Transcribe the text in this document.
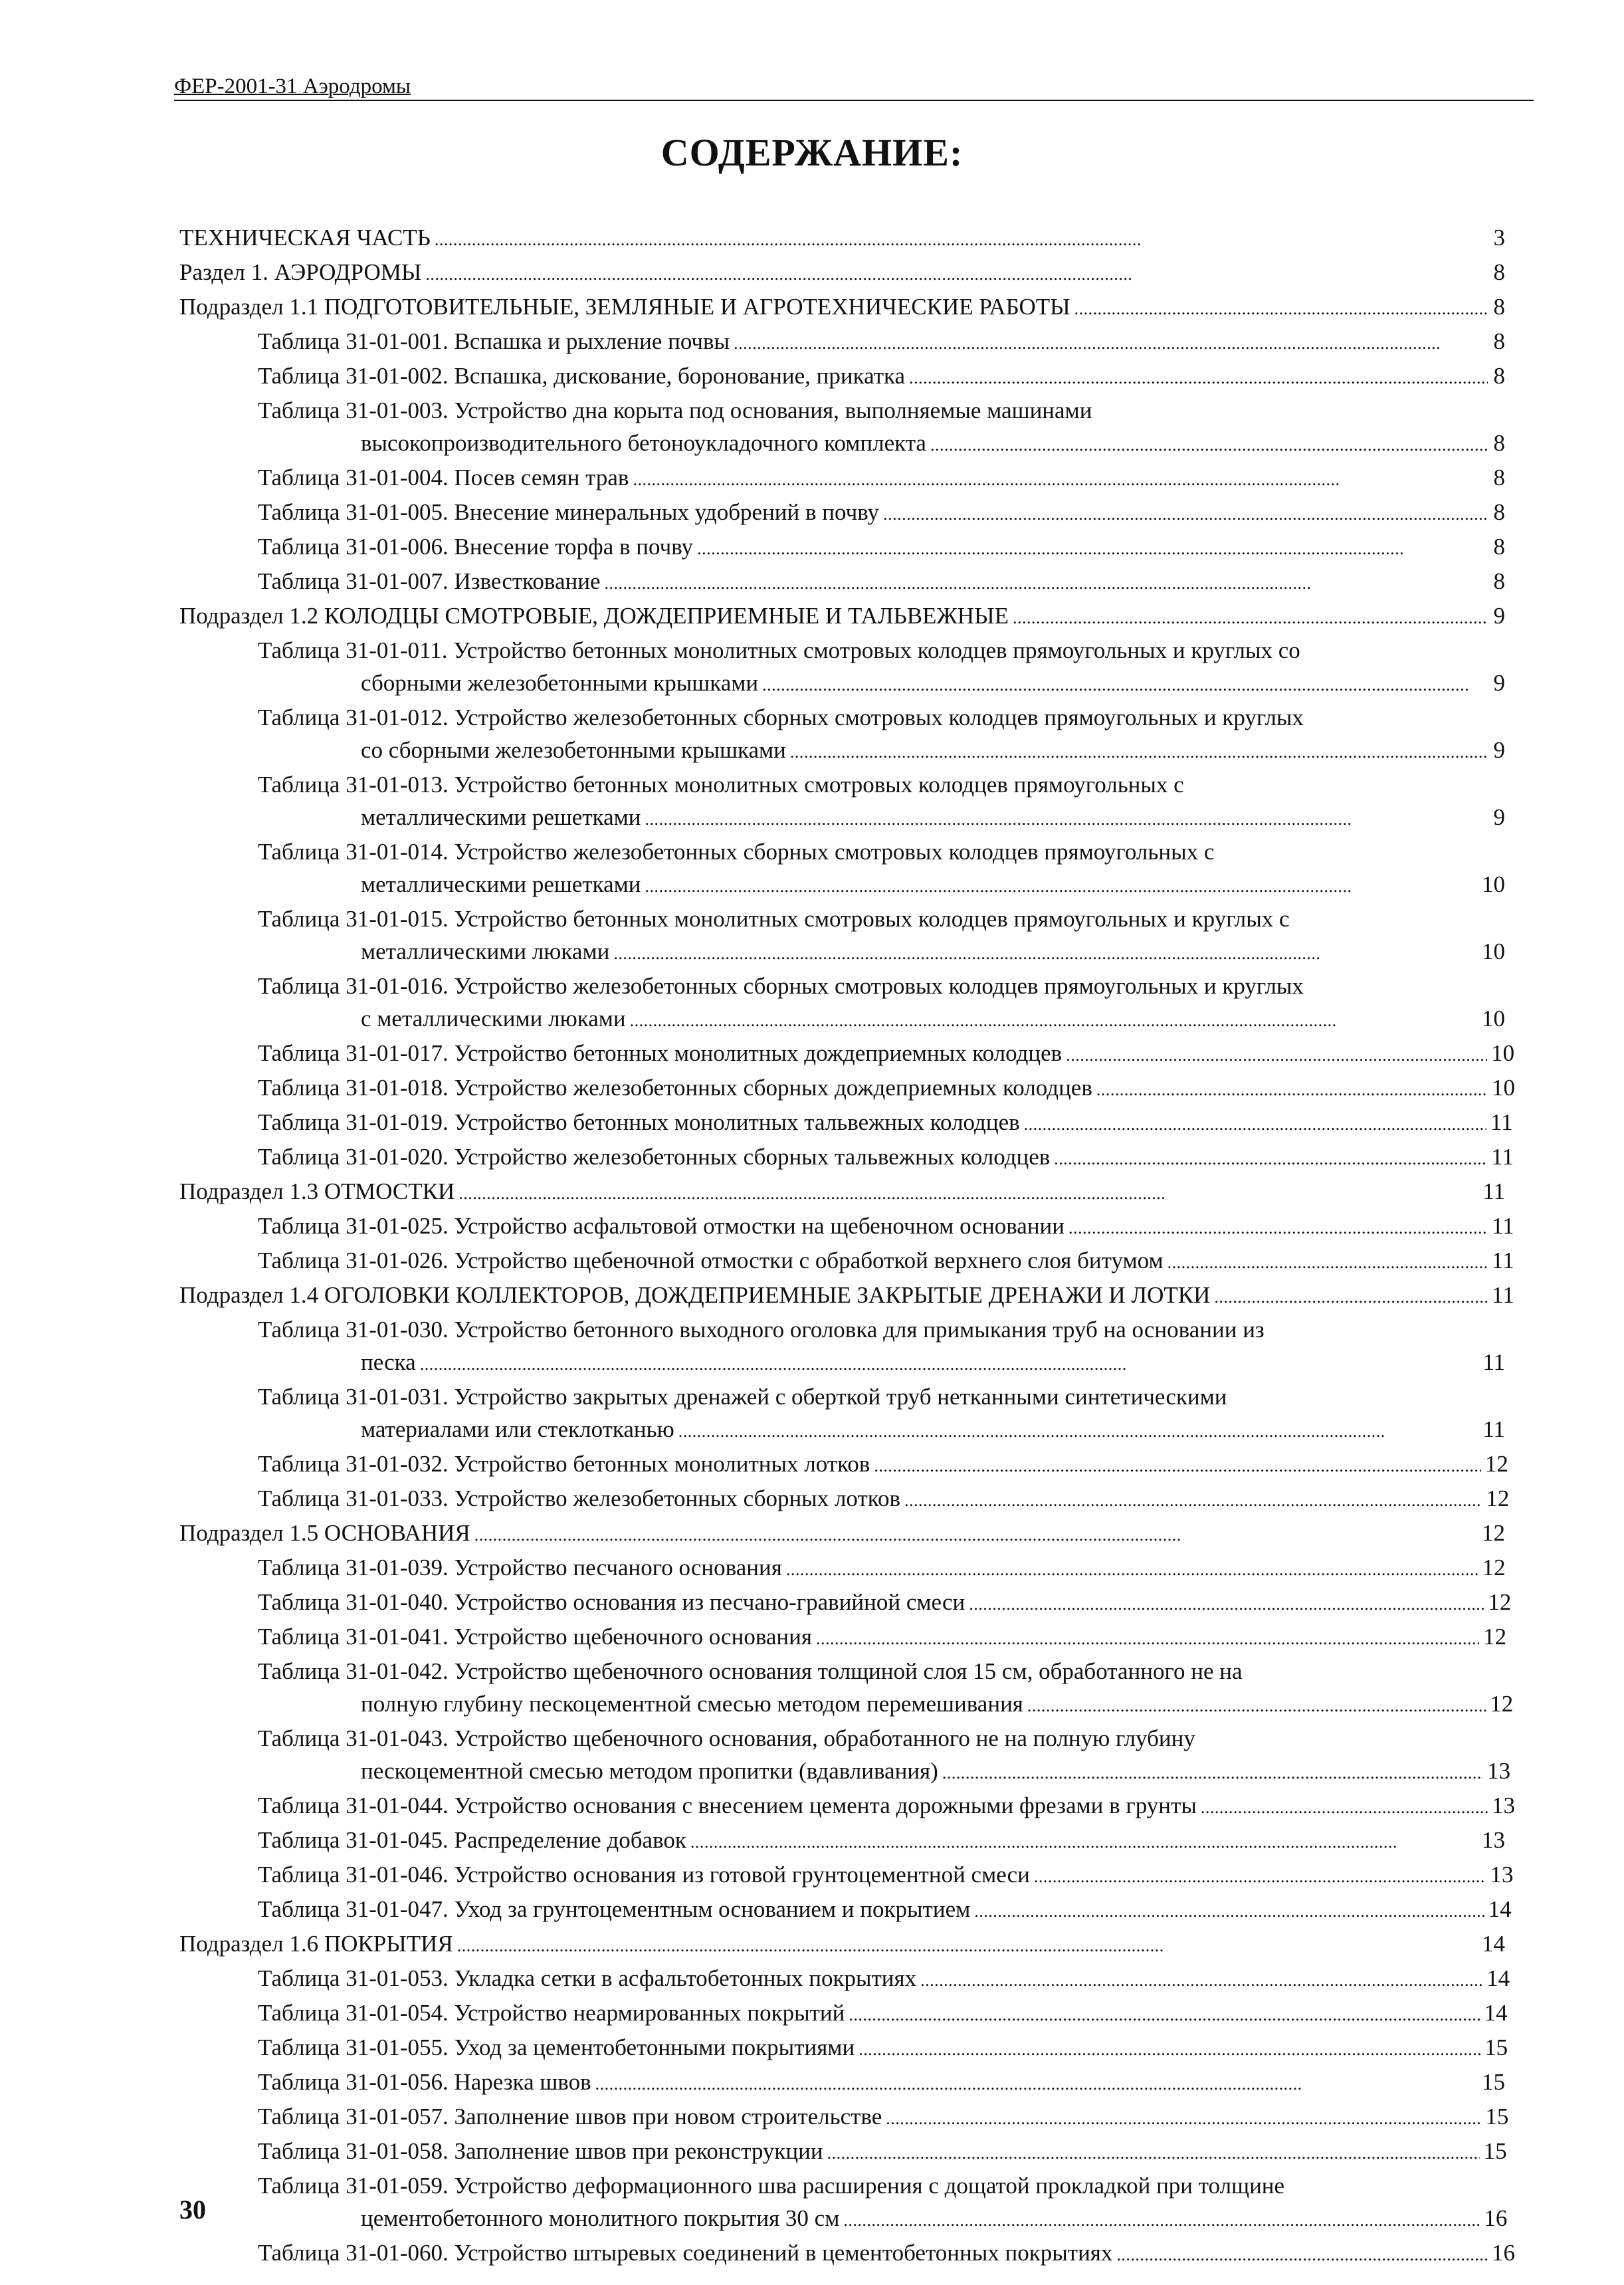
ФЕР-2001-31 Аэродромы
СОДЕРЖАНИЕ:
ТЕХНИЧЕСКАЯ ЧАСТЬ . . .	3
Раздел 1. АЭРОДРОМЫ . . .	8
Подраздел 1.1 ПОДГОТОВИТЕЛЬНЫЕ, ЗЕМЛЯНЫЕ И АГРОТЕХНИЧЕСКИЕ РАБОТЫ . . .	8
Таблица 31-01-001. Вспашка и рыхление почвы . . .	8
Таблица 31-01-002. Вспашка, дискование, боронование, прикатка . . .	8
Таблица 31-01-003. Устройство дна корыта под основания, выполняемые машинами
высокопроизводительного бетоноукладочного комплекта . . .	8
Таблица 31-01-004. Посев семян трав . . .	8
Таблица 31-01-005. Внесение минеральных удобрений в почву . . .	8
Таблица 31-01-006. Внесение торфа в почву . . .	8
Таблица 31-01-007. Известкование . . .	8
Подраздел 1.2 КОЛОДЦЫ СМОТРОВЫЕ, ДОЖДЕПРИЕМНЫЕ И ТАЛЬВЕЖНЫЕ . . .	9
Таблица 31-01-011. Устройство бетонных монолитных смотровых колодцев прямоугольных и круглых со
сборными железобетонными крышками . . .	9
Таблица 31-01-012. Устройство железобетонных сборных смотровых колодцев прямоугольных и круглых
со сборными железобетонными крышками . . .	9
Таблица 31-01-013. Устройство бетонных монолитных смотровых колодцев прямоугольных с
металлическими решетками . . .	9
Таблица 31-01-014. Устройство железобетонных сборных смотровых колодцев прямоугольных с
металлическими решетками . . .	10
Таблица 31-01-015. Устройство бетонных монолитных смотровых колодцев прямоугольных и круглых с
металлическими люками . . .	10
Таблица 31-01-016. Устройство железобетонных сборных смотровых колодцев прямоугольных и круглых
с металлическими люками . . .	10
Таблица 31-01-017. Устройство бетонных монолитных дождеприемных колодцев . . .	10
Таблица 31-01-018. Устройство железобетонных сборных дождеприемных колодцев . . .	10
Таблица 31-01-019. Устройство бетонных монолитных тальвежных колодцев . . .	11
Таблица 31-01-020. Устройство железобетонных сборных тальвежных колодцев . . .	11
Подраздел 1.3 ОТМОСТКИ . . .	11
Таблица 31-01-025. Устройство асфальтовой отмостки на щебеночном основании . . .	11
Таблица 31-01-026. Устройство щебеночной отмостки с обработкой верхнего слоя битумом . . .	11
Подраздел 1.4 ОГОЛОВКИ КОЛЛЕКТОРОВ, ДОЖДЕПРИЕМНЫЕ ЗАКРЫТЫЕ ДРЕНАЖИ И ЛОТКИ . . .	11
Таблица 31-01-030. Устройство бетонного выходного оголовка для примыкания труб на основании из
песка . . .	11
Таблица 31-01-031. Устройство закрытых дренажей с оберткой труб нетканными синтетическими
материалами или стеклотканью . . .	11
Таблица 31-01-032. Устройство бетонных монолитных лотков . . .	12
Таблица 31-01-033. Устройство железобетонных сборных лотков . . .	12
Подраздел 1.5 ОСНОВАНИЯ . . .	12
Таблица 31-01-039. Устройство песчаного основания . . .	12
Таблица 31-01-040. Устройство основания из песчано-гравийной смеси . . .	12
Таблица 31-01-041. Устройство щебеночного основания . . .	12
Таблица 31-01-042. Устройство щебеночного основания толщиной слоя 15 см, обработанного не на
полную глубину пескоцементной смесью методом перемешивания . . .	12
Таблица 31-01-043. Устройство щебеночного основания, обработанного не на полную глубину
пескоцементной смесью методом пропитки (вдавливания) . . .	13
Таблица 31-01-044. Устройство основания с внесением цемента дорожными фрезами в грунты . . .	13
Таблица 31-01-045. Распределение добавок . . .	13
Таблица 31-01-046. Устройство основания из готовой грунтоцементной смеси . . .	13
Таблица 31-01-047. Уход за грунтоцементным основанием и покрытием . . .	14
Подраздел 1.6 ПОКРЫТИЯ . . .	14
Таблица 31-01-053. Укладка сетки в асфальтобетонных покрытиях . . .	14
Таблица 31-01-054. Устройство неармированных покрытий . . .	14
Таблица 31-01-055. Уход за цементобетонными покрытиями . . .	15
Таблица 31-01-056. Нарезка швов . . .	15
Таблица 31-01-057. Заполнение швов при новом строительстве . . .	15
Таблица 31-01-058. Заполнение швов при реконструкции . . .	15
Таблица 31-01-059. Устройство деформационного шва расширения с дощатой прокладкой при толщине
цементобетонного монолитного покрытия 30 см . . .	16
Таблица 31-01-060. Устройство штыревых соединений в цементобетонных покрытиях . . .	16
30
